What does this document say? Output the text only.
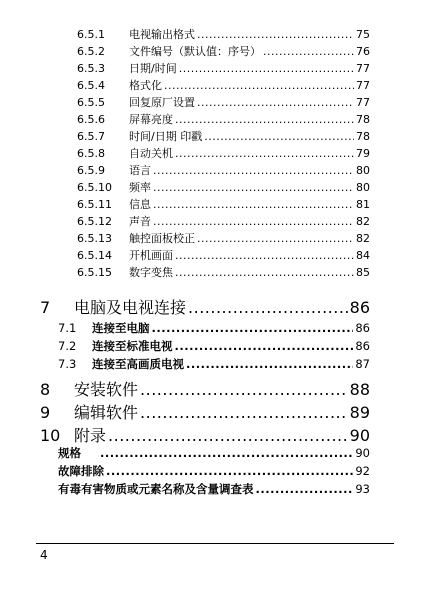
6.5.1	电视输出格式 .....	75
6.5.2	文件编号（默认值：序号） .....	76
6.5.3	日期/时间 .....	77
6.5.4	格式化 .....	77
6.5.5	回复原厂设置 .....	77
6.5.6	屏幕亮度 .....	78
6.5.7	时间/日期 印戳 .....	78
6.5.8	自动关机 .....	79
6.5.9	语言 .....	80
6.5.10	频率 .....	80
6.5.11	信息 .....	81
6.5.12	声音 .....	82
6.5.13	触控面板校正 .....	82
6.5.14	开机画面 .....	84
6.5.15	数字变焦 .....	85
7	电脑及电视连接 .....	86
7.1	连接至电脑 .....	86
7.2	连接至标准电视 .....	86
7.3	连接至高画质电视 .....	87
8	安装软件 .....	88
9	编辑软件 .....	89
10 附录 .....	90
规格 .....	90
故障排除 .....	92
有毒有害物质或元素名称及含量调查表 .....	93
4
